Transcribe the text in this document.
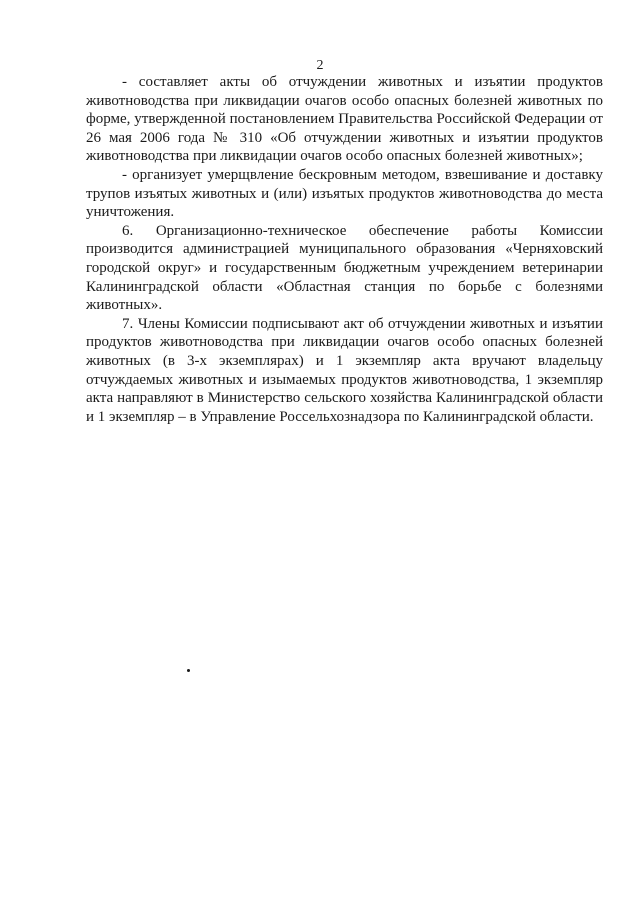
2

- составляет акты об отчуждении животных и изъятии продуктов животноводства при ликвидации очагов особо опасных болезней животных по форме, утвержденной постановлением Правительства Российской Федерации от 26 мая 2006 года № 310 «Об отчуждении животных и изъятии продуктов животноводства при ликвидации очагов особо опасных болезней животных»;

- организует умерщвление бескровным методом, взвешивание и доставку трупов изъятых животных и (или) изъятых продуктов животноводства до места уничтожения.

6. Организационно-техническое обеспечение работы Комиссии производится администрацией муниципального образования «Черняховский городской округ» и государственным бюджетным учреждением ветеринарии Калининградской области «Областная станция по борьбе с болезнями животных».

7. Члены Комиссии подписывают акт об отчуждении животных и изъятии продуктов животноводства при ликвидации очагов особо опасных болезней животных (в 3-х экземплярах) и 1 экземпляр акта вручают владельцу отчуждаемых животных и изымаемых продуктов животноводства, 1 экземпляр акта направляют в Министерство сельского хозяйства Калининградской области и 1 экземпляр – в Управление Россельхознадзора по Калининградской области.
